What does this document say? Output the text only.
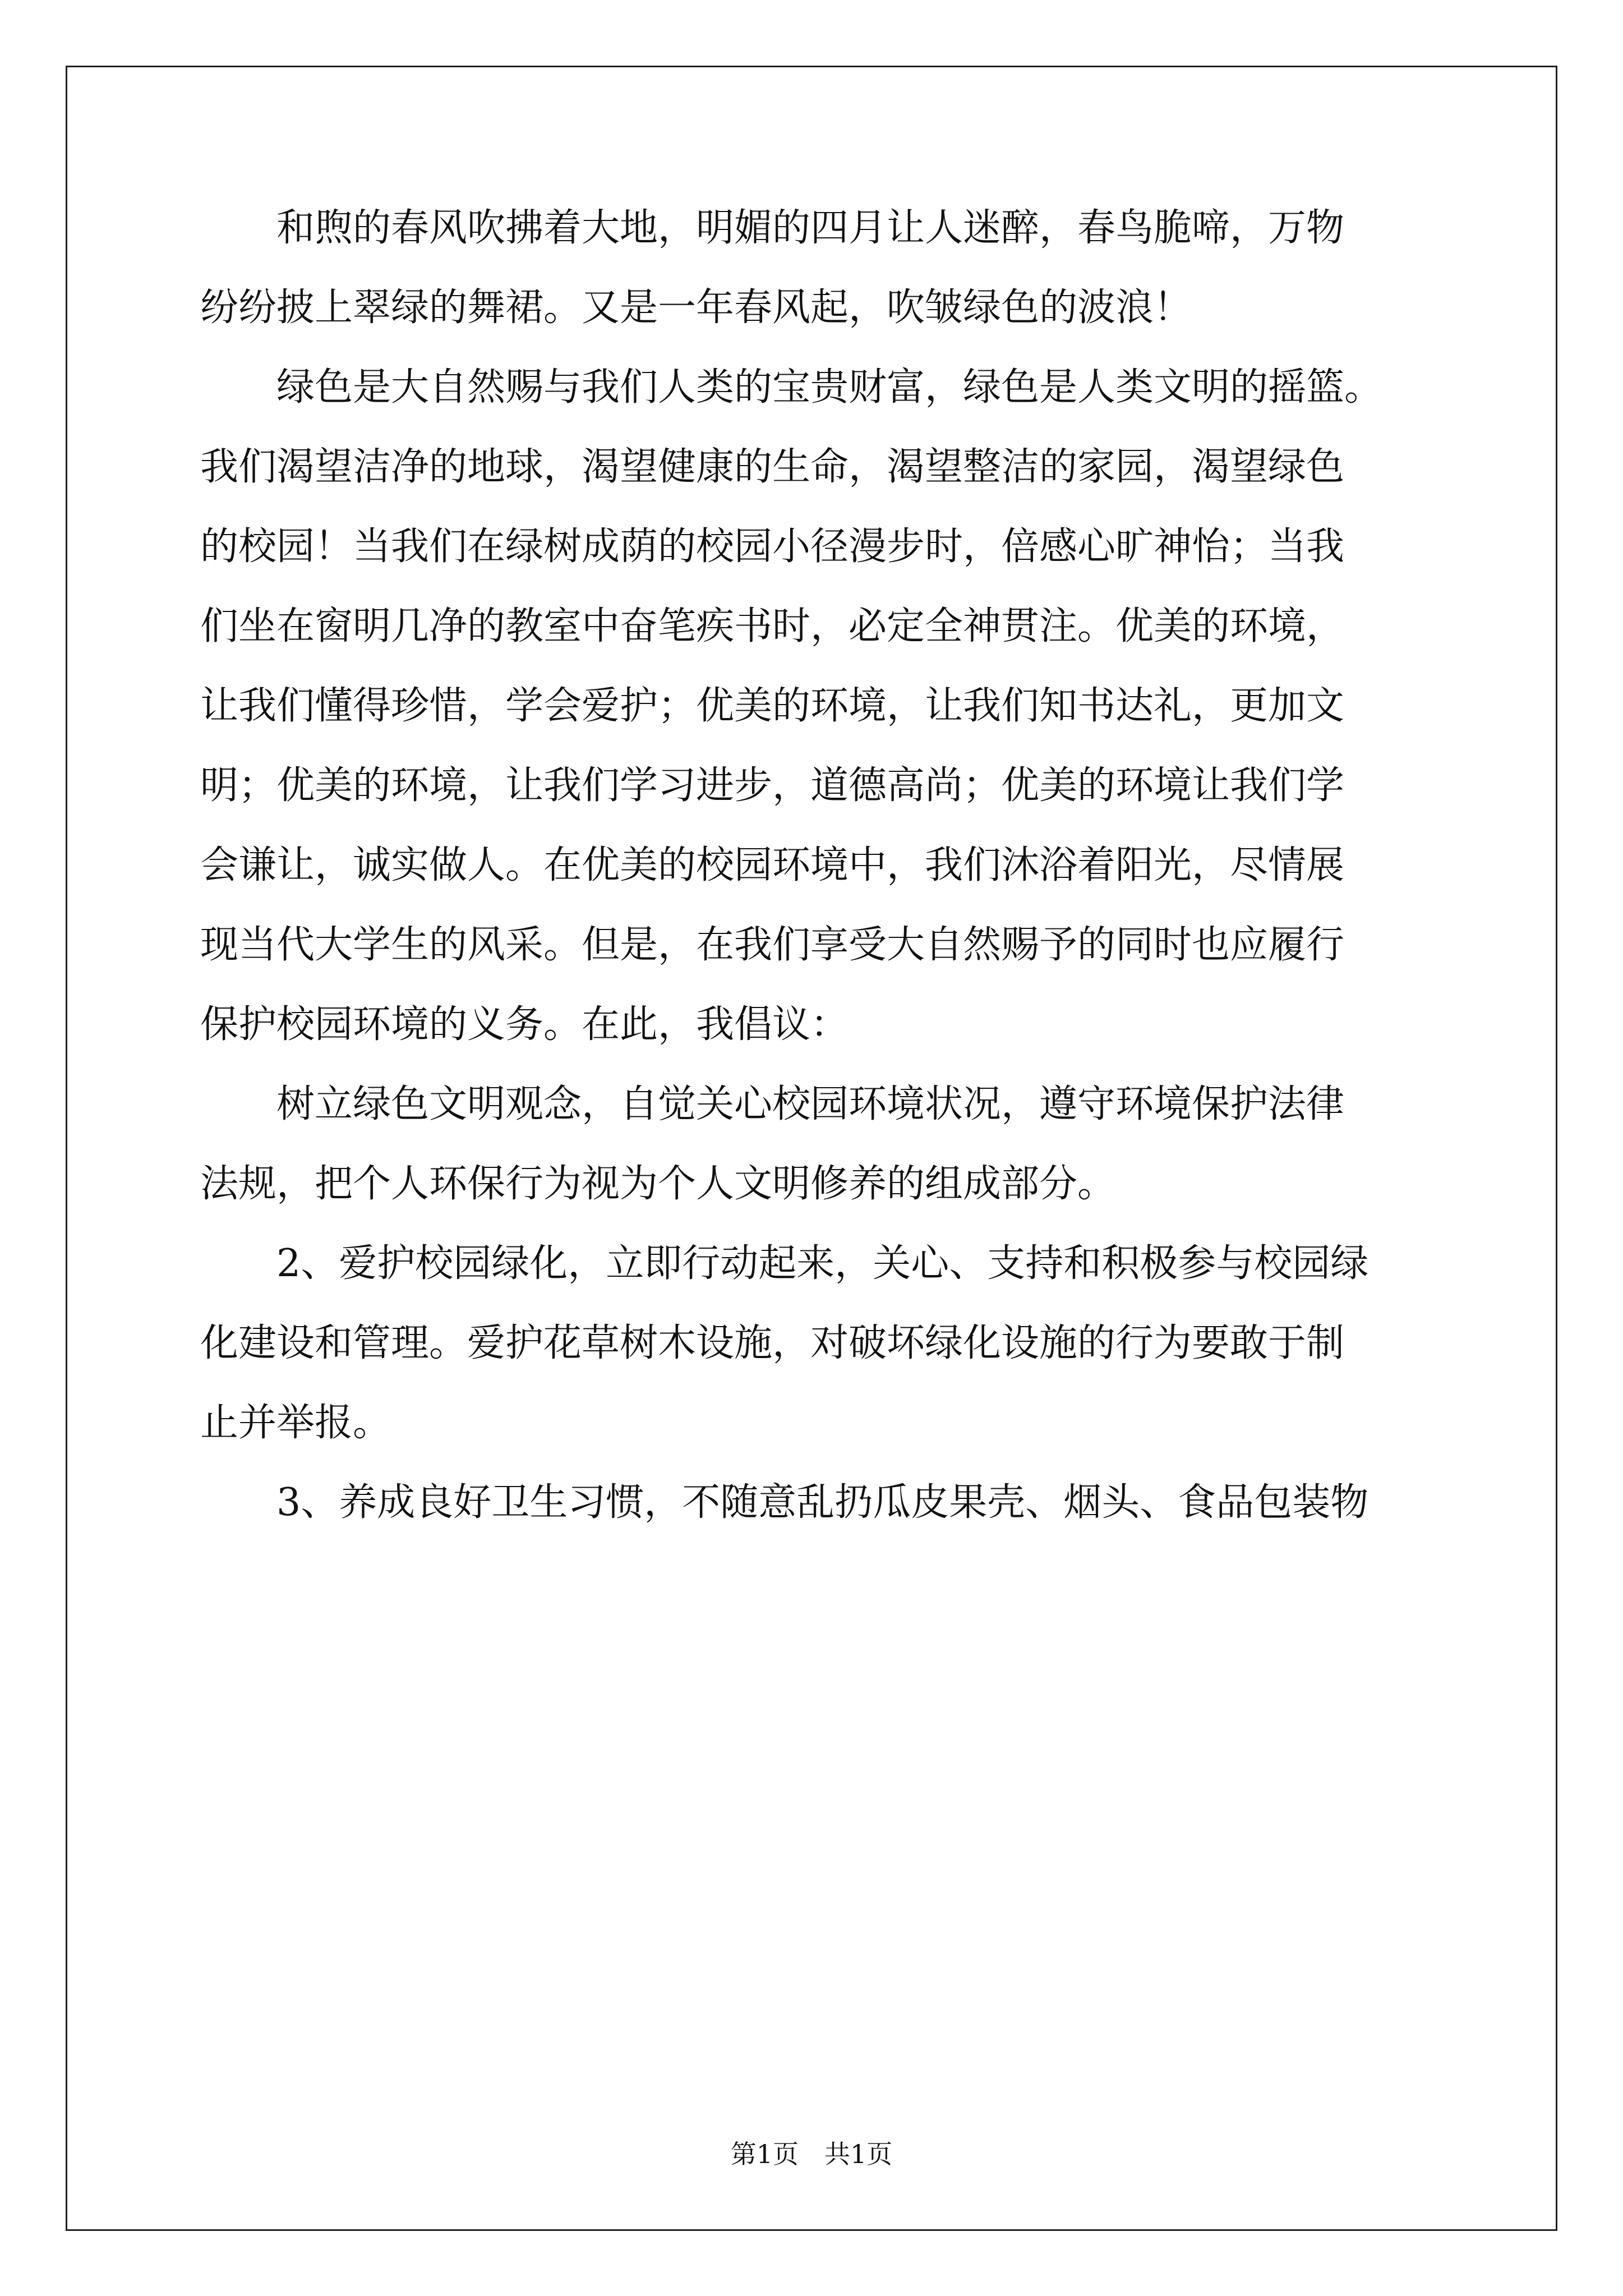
　　和煦的春风吹拂着大地，明媚的四月让人迷醉，春鸟脆啼，万物
纷纷披上翠绿的舞裙。又是一年春风起，吹皱绿色的波浪！
　　绿色是大自然赐与我们人类的宝贵财富，绿色是人类文明的摇篮。
我们渴望洁净的地球，渴望健康的生命，渴望整洁的家园，渴望绿色
的校园！当我们在绿树成荫的校园小径漫步时，倍感心旷神怡；当我
们坐在窗明几净的教室中奋笔疾书时，必定全神贯注。优美的环境，
让我们懂得珍惜，学会爱护；优美的环境，让我们知书达礼，更加文
明；优美的环境，让我们学习进步，道德高尚；优美的环境让我们学
会谦让，诚实做人。在优美的校园环境中，我们沐浴着阳光，尽情展
现当代大学生的风采。但是，在我们享受大自然赐予的同时也应履行
保护校园环境的义务。在此，我倡议：
　　树立绿色文明观念，自觉关心校园环境状况，遵守环境保护法律
法规，把个人环保行为视为个人文明修养的组成部分。
　　2、爱护校园绿化，立即行动起来，关心、支持和积极参与校园绿
化建设和管理。爱护花草树木设施，对破坏绿化设施的行为要敢于制
止并举报。
　　3、养成良好卫生习惯，不随意乱扔瓜皮果壳、烟头、食品包装物
第1页　共1页
